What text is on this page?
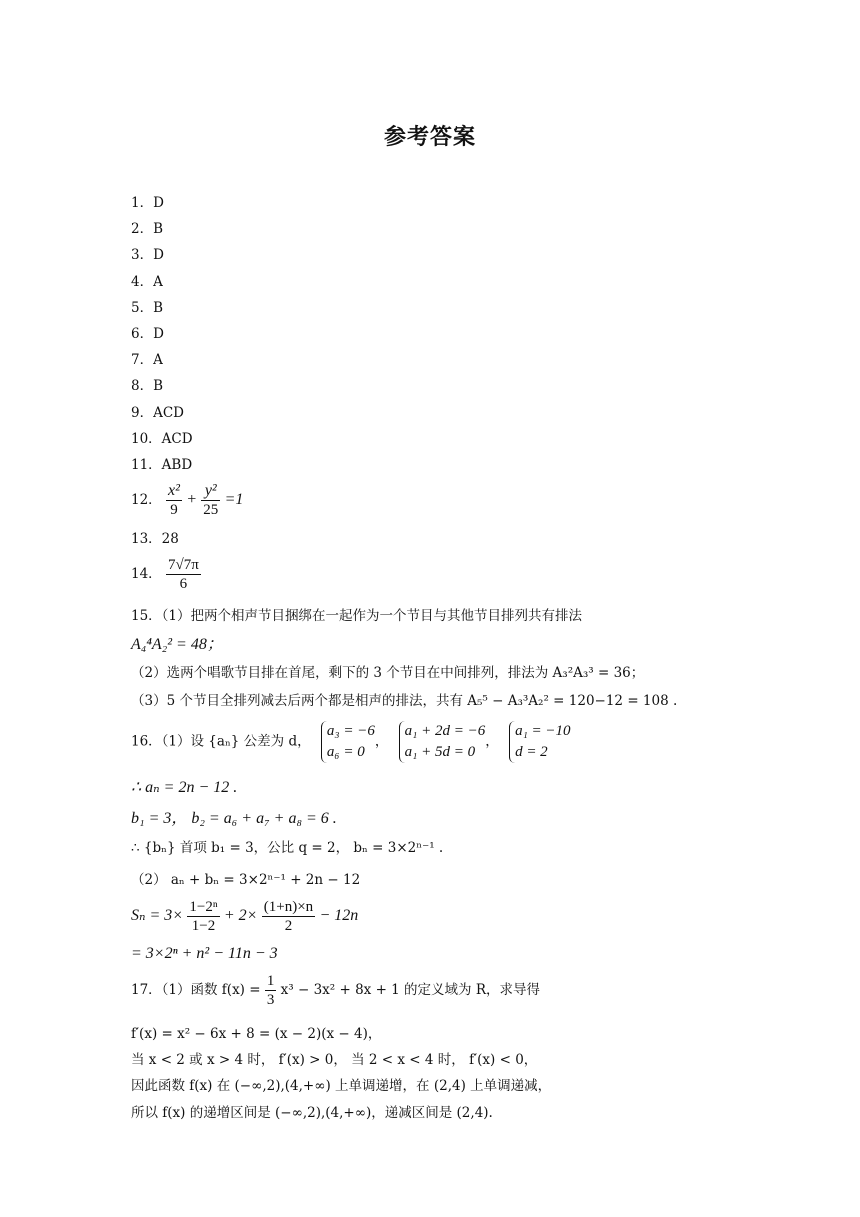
参考答案
1．D
2．B
3．D
4．A
5．B
6．D
7．A
8．B
9．ACD
10．ACD
11．ABD
12． $\frac{\text{x²}}{9} + \frac{\text{y²}}{25} =1$
13．28
14． $\frac{7√7\pi}{6}$
15．（1）把两个相声节目捆绑在一起作为一个节目与其他节目排列共有排法
A₄⁴A₂² = 48；
（2）选两个唱歌节目排在首尾，剩下的 3 个节目在中间排列，排法为 A₃²A₃³ = 36；
（3）5 个节目全排列减去后两个都是相声的排法，共有 A₅⁵ − A₃³A₂² = 120−12 = 108 .
16．（1）设 {aₙ} 公差为 d，
a₃ = −6
a₆ = 0
，
a₁ + 2d = −6
a₁ + 5d = 0
，
a₁ = −10
d = 2
∴ aₙ = 2n − 12 .
b₁ = 3， b₂ = a₆ + a₇ + a₈ = 6 .
∴ {bₙ} 首项 b₁ = 3，公比 q = 2， bₙ = 3×2ⁿ⁻¹ .
（2） aₙ + bₙ = 3×2ⁿ⁻¹ + 2n − 12
$S_n = 3\times \frac{\text{1−2ⁿ}}{1-2} + 2\times \frac{(1+n)\times n}{2} - 12n$
= 3×2ⁿ + n² − 11n − 3
17．（1）函数 $f(x) = \frac{1}{3} x^3 - 3x^2 + 8x + 1$ 的定义域为 R，求导得
f′(x) = x² − 6x + 8 = (x − 2)(x − 4)，
当 x < 2 或 x > 4 时， f′(x) > 0， 当 2 < x < 4 时， f′(x) < 0，
因此函数 f(x) 在 (−∞,2),(4,+∞) 上单调递增，在 (2,4) 上单调递减，
所以 f(x) 的递增区间是 (−∞,2),(4,+∞)，递减区间是 (2,4).
